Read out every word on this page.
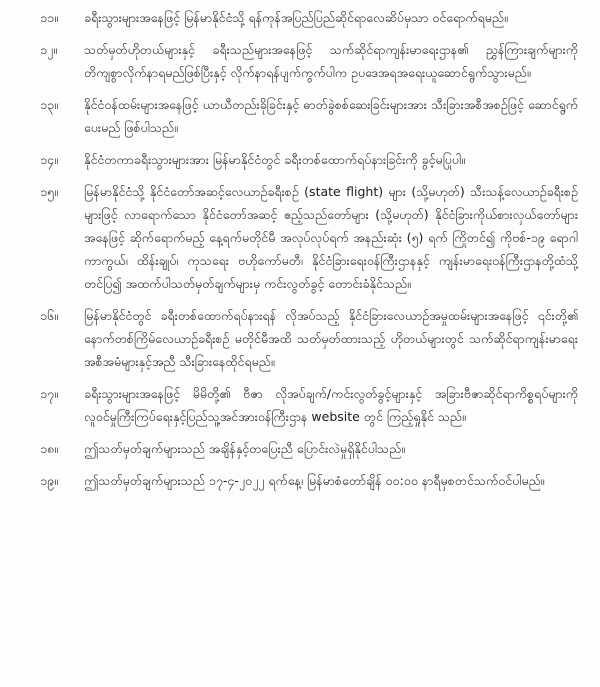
၁၁။	ခရီးသွားများအနေဖြင့် မြန်မာနိုင်ငံသို့ ရန်ကုန်အပြည်ပြည်ဆိုင်ရာလေဆိပ်မှသာ ဝင်ရောက်ရမည်။
၁၂။	သတ်မှတ်ဟိုတယ်များနှင့် ခရီးသည်များအနေဖြင့် သက်ဆိုင်ရာကျန်းမာရေးဌာန၏ ညွှန်ကြားချက်များကို တိကျစွာလိုက်နာရမည်ဖြစ်ပြီးနှင့် လိုက်နာရန်ပျက်ကွက်ပါက ဥပဒေအရအရေးယူဆောင်ရွက်သွားမည်။
၁၃။	နိုင်ငံဝန်ထမ်းများအနေဖြင့် ယာယီတည်းခိုခြင်းနှင့် ဓာတ်ခွဲစစ်ဆေးခြင်းများအား သီးခြားအစီအစဉ်ဖြင့် ဆောင်ရွက်ပေးမည် ဖြစ်ပါသည်။
၁၄။	နိုင်ငံတကာခရီးသွားများအား မြန်မာနိုင်ငံတွင် ခရီးတစ်ထောက်ရပ်နားခြင်းကို ခွင့်မပြုပါ။
၁၅။	မြန်မာနိုင်ငံသို့ နိုင်ငံတော်အဆင့်လေယာဉ်ခရီးစဉ် (state flight) များ (သို့မဟုတ်) သီးသန့်လေယာဉ်ခရီးစဉ်များဖြင့် လာရောက်သော နိုင်ငံတော်အဆင့် ဧည့်သည်တော်များ (သို့မဟုတ်) နိုင်ငံခြားကိုယ်စားလှယ်တော်များအနေဖြင့် ဆိုက်ရောက်မည့် နေ့ရက်မတိုင်မီ အလုပ်လုပ်ရက် အနည်းဆုံး (၅) ရက် ကြိုတင်၍ ကိုဗစ်-၁၉ ရောဂါ ကာကွယ်၊ ထိန်းချုပ်၊ ကုသရေး ဗဟိုကော်မတီ၊ နိုင်ငံခြားရေးဝန်ကြီးဌာနနှင့် ကျန်းမာရေးဝန်ကြီးဌာနတို့ထံသို့ တင်ပြ၍ အထက်ပါသတ်မှတ်ချက်များမှ ကင်းလွတ်ခွင့် တောင်းခံနိုင်သည်။
၁၆။	မြန်မာနိုင်ငံတွင် ခရီးတစ်ထောက်ရပ်နားရန် လိုအပ်သည့် နိုင်ငံခြားလေယာဉ်အမှုထမ်းများအနေဖြင့် ၎င်းတို့၏ နောက်တစ်ကြိမ်လေယာဉ်ခရီးစဉ် မတိုင်မီအထိ သတ်မှတ်ထားသည့် ဟိုတယ်များတွင် သက်ဆိုင်ရာကျန်းမာရေးအစီအမံများနှင့်အညီ သီးခြားနေထိုင်ရမည်။
၁၇။	ခရီးသွားများအနေဖြင့် မိမိတို့၏ ဗီဇာ လိုအပ်ချက်/ကင်းလွတ်ခွင့်များနှင့် အခြားဗီဇာဆိုင်ရာကိစ္စရပ်များကို လူဝင်မှုကြီးကြပ်ရေးနှင့်ပြည်သူ့အင်အားဝန်ကြီးဌာန website တွင် ကြည့်ရှုနိုင် သည်။
၁၈။	ဤသတ်မှတ်ချက်များသည် အချိန်နှင့်တပြေးညီ ပြောင်းလဲမှုရှိနိုင်ပါသည်။
၁၉။	ဤသတ်မှတ်ချက်များသည် ၁၇-၄-၂၀၂၂ ရက်နေ့၊ မြန်မာစံတော်ချိန် ၀၀:၀၀ နာရီမှစတင်သက်ဝင်ပါမည်။
